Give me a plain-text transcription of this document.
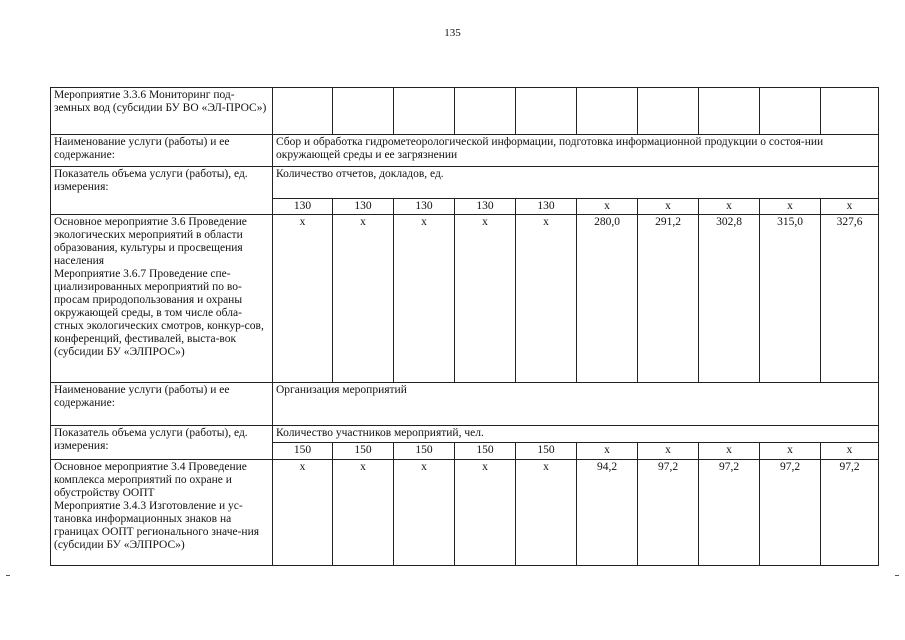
135
Мероприятие 3.3.6 Мониторинг под-земных вод (субсидии БУ ВО «ЭЛ-ПРОС»)										
Наименование услуги (работы) и ее содержание:	Сбор и обработка гидрометеорологической информации, подготовка информационной продукции о состоя-нии окружающей среды и ее загрязнении									
Показатель объема услуги (работы), ед. измерения:	Количество отчетов, докладов, ед.									
	130	130	130	130	130	х	х	х	х	х
Основное мероприятие 3.6 Проведение экологических мероприятий в области образования, культуры и просвещения населения
Мероприятие 3.6.7 Проведение спе-циализированных мероприятий по во-просам природопользования и охраны окружающей среды, в том числе обла-стных экологических смотров, конкур-сов, конференций, фестивалей, выста-вок (субсидии БУ «ЭЛПРОС»)	х	х	х	х	х	280,0	291,2	302,8	315,0	327,6
Наименование услуги (работы) и ее содержание:	Организация мероприятий									
Показатель объема услуги (работы), ед. измерения:	Количество участников мероприятий, чел.									
	150	150	150	150	150	х	х	х	х	х
Основное мероприятие 3.4 Проведение комплекса мероприятий по охране и обустройству ООПТ
Мероприятие 3.4.3 Изготовление и ус-тановка информационных знаков на границах ООПТ регионального значе-ния (субсидии БУ «ЭЛПРОС»)	х	х	х	х	х	94,2	97,2	97,2	97,2	97,2
